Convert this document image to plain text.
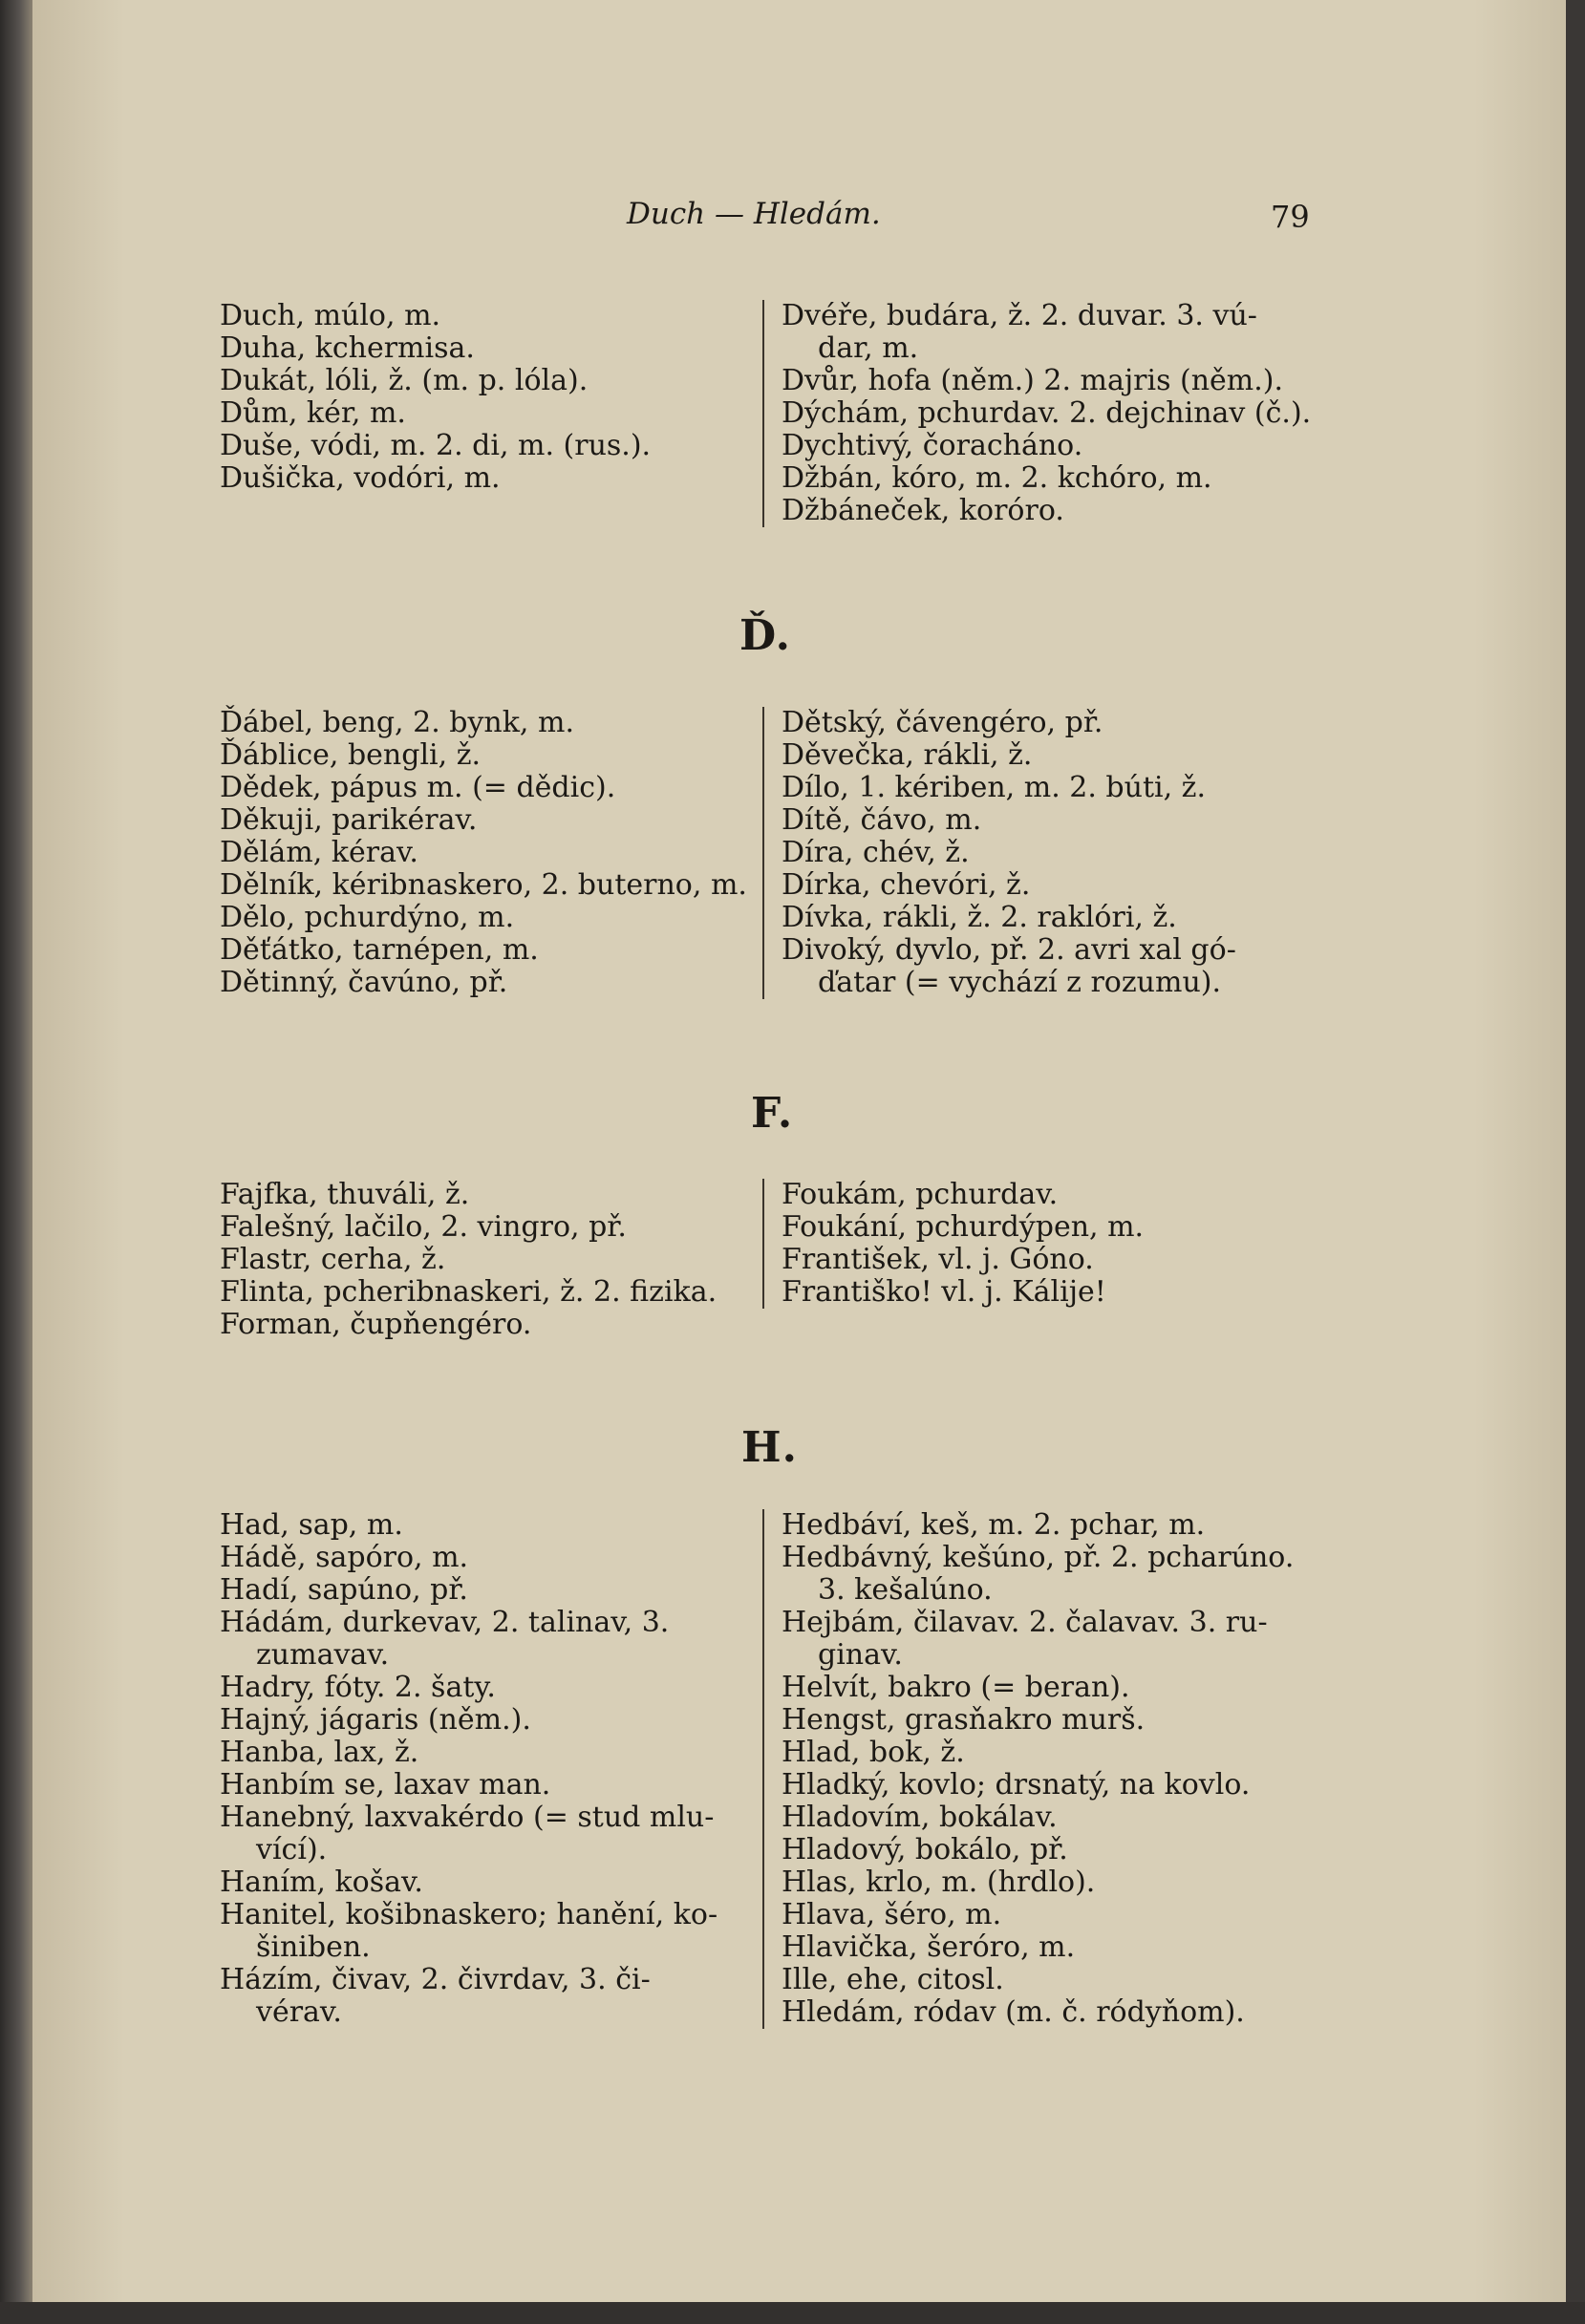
Duch — Hledám.	79
Duch, múlo, m.
Duha, kchermisa.
Dukát, lóli, ž. (m. p. lóla).
Dům, kér, m.
Duše, vódi, m. 2. di, m. (rus.).
Dušička, vodóri, m.
Dvéře, budára, ž. 2. duvar. 3. vú-
dar, m.
Dvůr, hofa (něm.) 2. majris (něm.).
Dýchám, pchurdav. 2. dejchinav (č.).
Dychtivý, čoracháno.
Džbán, kóro, m. 2. kchóro, m.
Džbáneček, koróro.
Ď.
Ďábel, beng, 2. bynk, m.
Ďáblice, bengli, ž.
Dědek, pápus m. (= dědic).
Děkuji, parikérav.
Dělám, kérav.
Dělník, kéribnaskero, 2. buterno, m.
Dělo, pchurdýno, m.
Děťátko, tarnépen, m.
Dětinný, čavúno, př.
Dětský, čávengéro, př.
Děvečka, rákli, ž.
Dílo, 1. kériben, m. 2. búti, ž.
Dítě, čávo, m.
Díra, chév, ž.
Dírka, chevóri, ž.
Dívka, rákli, ž. 2. raklóri, ž.
Divoký, dyvlo, př. 2. avri xal gó-
ďatar (= vychází z rozumu).
F.
Fajfka, thuváli, ž.
Falešný, lačilo, 2. vingro, př.
Flastr, cerha, ž.
Flinta, pcheribnaskeri, ž. 2. fizika.
Forman, čupňengéro.
Foukám, pchurdav.
Foukání, pchurdýpen, m.
František, vl. j. Góno.
Františko! vl. j. Kálije!
H.
Had, sap, m.
Hádě, sapóro, m.
Hadí, sapúno, př.
Hádám, durkevav, 2. talinav, 3.
zumavav.
Hadry, fóty. 2. šaty.
Hajný, jágaris (něm.).
Hanba, lax, ž.
Hanbím se, laxav man.
Hanebný, laxvakérdo (= stud mlu-
vící).
Haním, košav.
Hanitel, košibnaskero; hanění, ko-
šiniben.
Házím, čivav, 2. čivrdav, 3. či-
vérav.
Hedbáví, keš, m. 2. pchar, m.
Hedbávný, kešúno, př. 2. pcharúno.
3. kešalúno.
Hejbám, čilavav. 2. čalavav. 3. ru-
ginav.
Helvít, bakro (= beran).
Hengst, grasňakro murš.
Hlad, bok, ž.
Hladký, kovlo; drsnatý, na kovlo.
Hladovím, bokálav.
Hladový, bokálo, př.
Hlas, krlo, m. (hrdlo).
Hlava, šéro, m.
Hlavička, šeróro, m.
Ille, ehe, citosl.
Hledám, ródav (m. č. ródyňom).
